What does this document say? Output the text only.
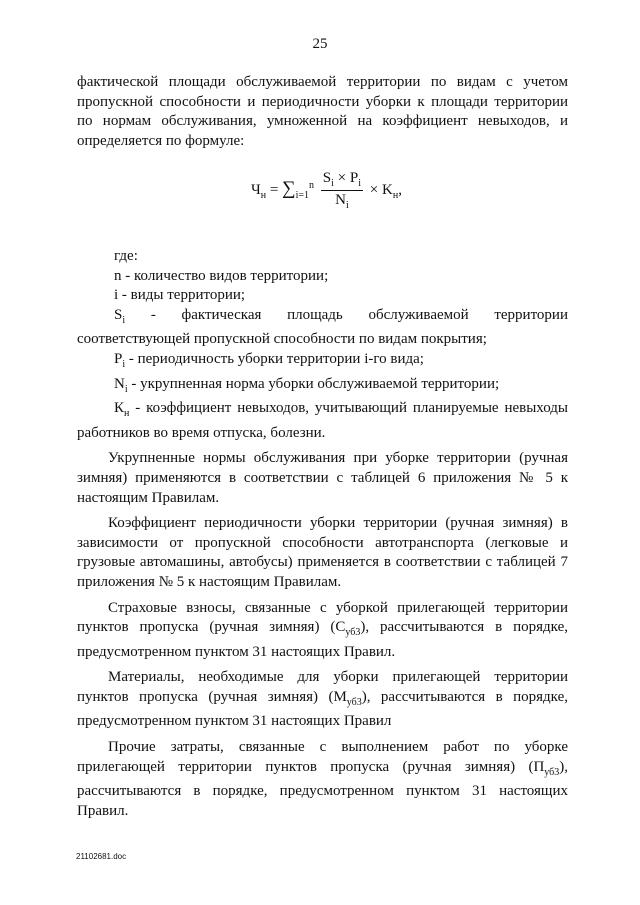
25

фактической площади обслуживаемой территории по видам с учетом пропускной способности и периодичности уборки к площади территории по нормам обслуживания, умноженной на коэффициент невыходов, и определяется по формуле:

$Ч_н = \sum_{i=1}^n \frac{S_i \times P_i}{N_i} \times K_н$,

где:

n - количество видов территории;

i - виды территории;

$S_i$ - фактическая площадь обслуживаемой территории соответствующей пропускной способности по видам покрытия;

$P_i$ - периодичность уборки территории i-го вида;

$N_i$ - укрупненная норма уборки обслуживаемой территории;

$К_н$ - коэффициент невыходов, учитывающий планируемые невыходы работников во время отпуска, болезни.

Укрупненные нормы обслуживания при уборке территории (ручная зимняя) применяются в соответствии с таблицей 6 приложения № 5 к настоящим Правилам.

Коэффициент периодичности уборки территории (ручная зимняя) в зависимости от пропускной способности автотранспорта (легковые и грузовые автомашины, автобусы) применяется в соответствии с таблицей 7 приложения № 5 к настоящим Правилам.

Страховые взносы, связанные с уборкой прилегающей территории пунктов пропуска (ручная зимняя) $(С_{уб3})$, рассчитываются в порядке, предусмотренном пунктом 31 настоящих Правил.

Материалы, необходимые для уборки прилегающей территории пунктов пропуска (ручная зимняя) $(М_{уб3})$, рассчитываются в порядке, предусмотренном пунктом 31 настоящих Правил

Прочие затраты, связанные с выполнением работ по уборке прилегающей территории пунктов пропуска (ручная зимняя) $(П_{уб3})$, рассчитываются в порядке, предусмотренном пунктом 31 настоящих Правил.

21102681.doc
